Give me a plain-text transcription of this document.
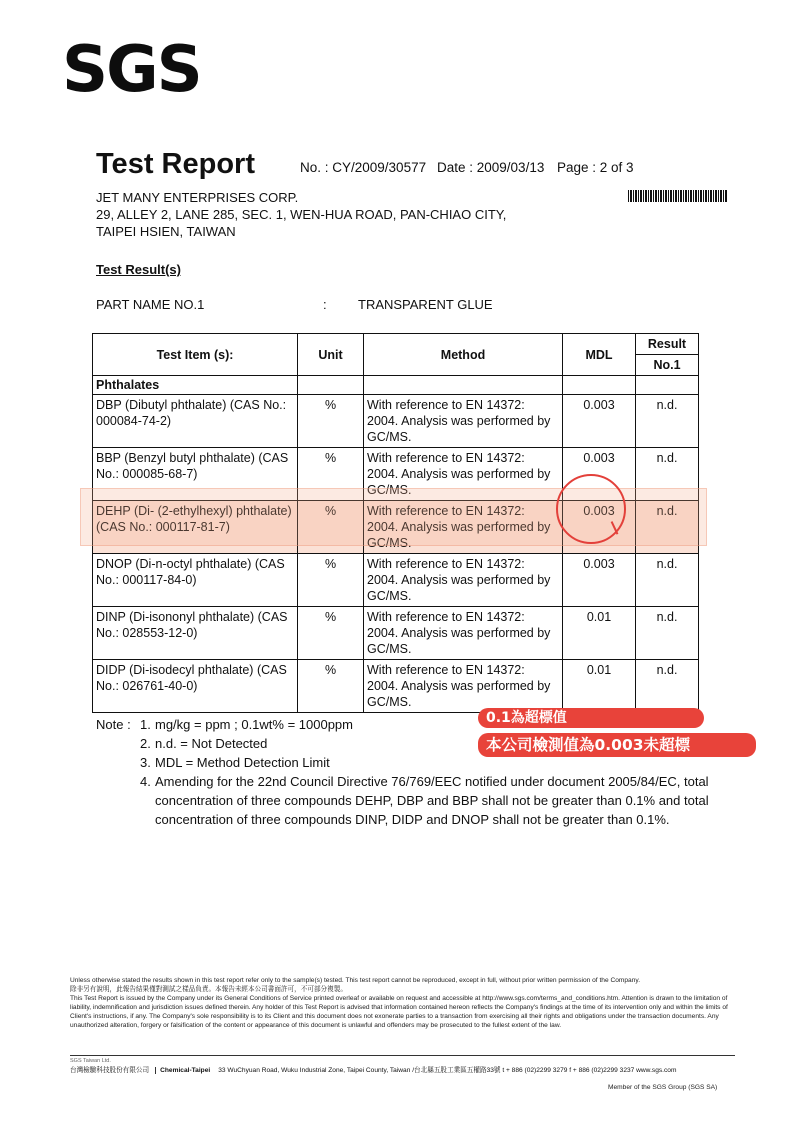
SGS
Test Report	No. : CY/2009/30577 Date : 2009/03/13 Page : 2 of 3
JET MANY ENTERPRISES CORP.
29, ALLEY 2, LANE 285, SEC. 1, WEN-HUA ROAD, PAN-CHIAO CITY,
TAIPEI HSIEN, TAIWAN
Test Result(s)
PART NAME NO.1	: TRANSPARENT GLUE
Test Item (s):	Unit	Method	MDL	Result
				No.1
Phthalates				
DBP (Dibutyl phthalate) (CAS No.: 000084-74-2)	%	With reference to EN 14372: 2004. Analysis was performed by GC/MS.	0.003	n.d.
BBP (Benzyl butyl phthalate) (CAS No.: 000085-68-7)	%	With reference to EN 14372: 2004. Analysis was performed by GC/MS.	0.003	n.d.
DEHP (Di- (2-ethylhexyl) phthalate) (CAS No.: 000117-81-7)	%	With reference to EN 14372: 2004. Analysis was performed by GC/MS.	0.003	n.d.
DNOP (Di-n-octyl phthalate) (CAS No.: 000117-84-0)	%	With reference to EN 14372: 2004. Analysis was performed by GC/MS.	0.003	n.d.
DINP (Di-isononyl phthalate) (CAS No.: 028553-12-0)	%	With reference to EN 14372: 2004. Analysis was performed by GC/MS.	0.01	n.d.
DIDP (Di-isodecyl phthalate) (CAS No.: 026761-40-0)	%	With reference to EN 14372: 2004. Analysis was performed by GC/MS.	0.01	n.d.
Note : 1. mg/kg = ppm ; 0.1wt% = 1000ppm
2. n.d. = Not Detected
3. MDL = Method Detection Limit
4. Amending for the 22nd Council Directive 76/769/EEC notified under document 2005/84/EC, total concentration of three compounds DEHP, DBP and BBP shall not be greater than 0.1% and total concentration of three compounds DINP, DIDP and DNOP shall not be greater than 0.1%.
0.1為超標值
本公司檢測值為0.003未超標
Unless otherwise stated the results shown in this test report refer only to the sample(s) tested. This test report cannot be reproduced, except in full, without prior written permission of the Company.
除非另有說明，此報告結果僅對測試之樣品負責。本報告未經本公司書面許可，不可部分複製。
This Test Report is issued by the Company under its General Conditions of Service printed overleaf or available on request and accessible at http://www.sgs.com/terms_and_conditions.htm. Attention is drawn to the limitation of liability, indemnification and jurisdiction issues defined therein. Any holder of this Test Report is advised that information contained hereon reflects the Company's findings at the time of its intervention only and within the limits of Client's instructions, if any. The Company's sole responsibility is to its Client and this document does not exonerate parties to a transaction from exercising all their rights and obligations under the transaction documents. Any unauthorized alteration, forgery or falsification of the content or appearance of this document is unlawful and offenders may be prosecuted to the fullest extent of the law.
SGS Taiwan Ltd.
台灣檢驗科技股份有限公司	Chemical-Taipei 33 WuChyuan Road, Wuku Industrial Zone, Taipei County, Taiwan /台北縣五股工業區五權路33號 t + 886 (02)2299 3279 f + 886 (02)2299 3237 www.sgs.com
Member of the SGS Group (SGS SA)
